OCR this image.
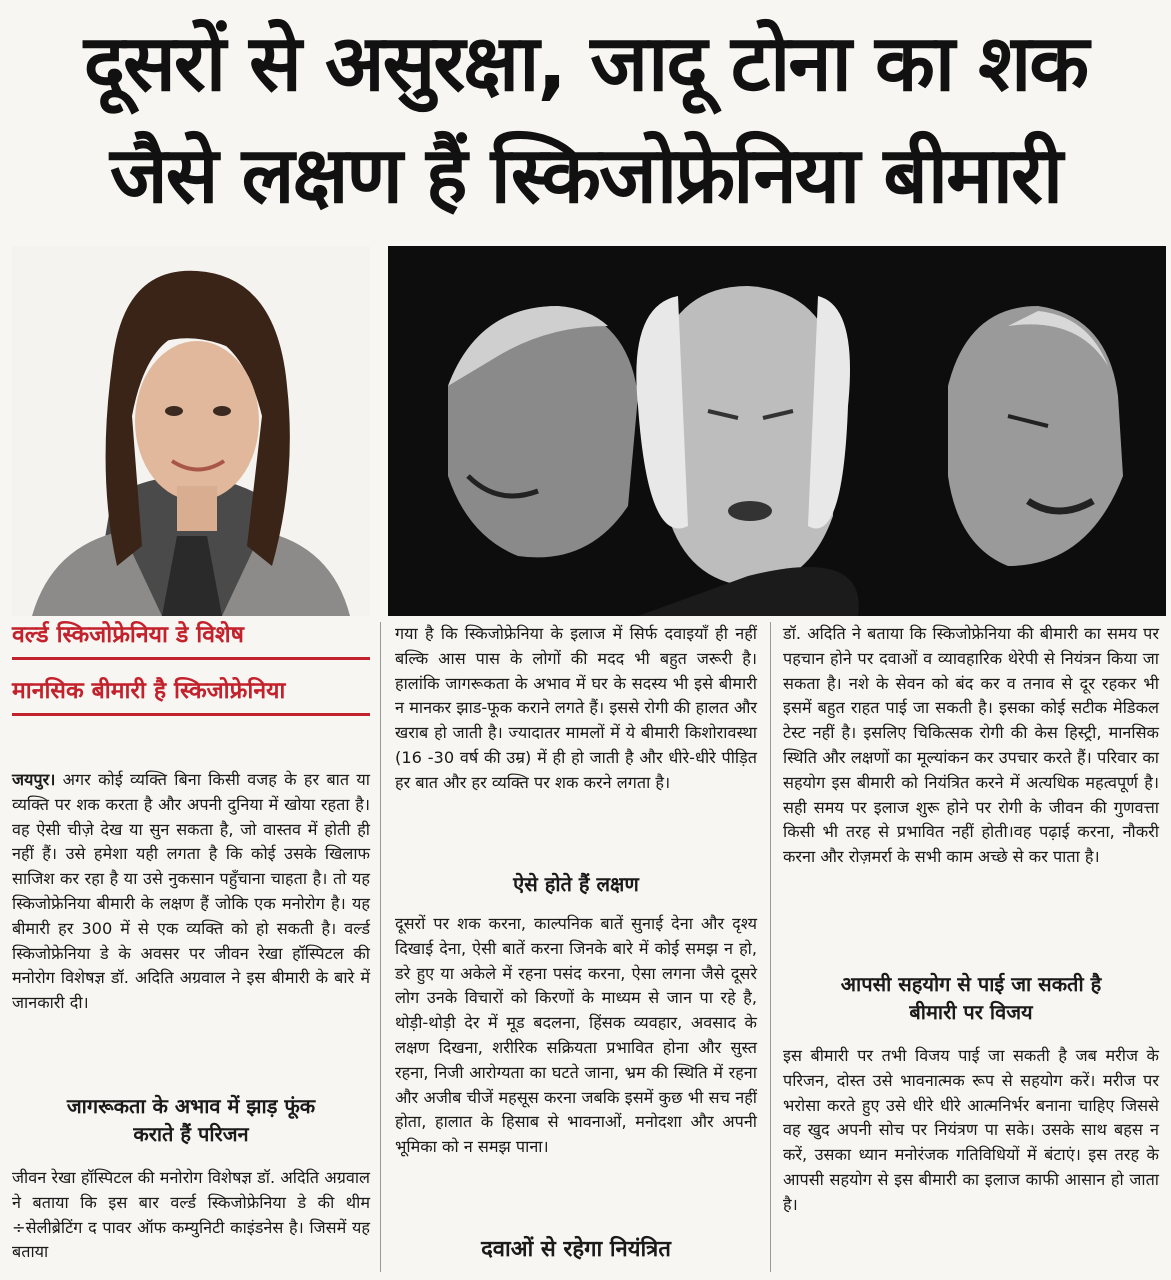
दूसरों से असुरक्षा, जादू टोना का शक
जैसे लक्षण हैं स्किजोफ्रेनिया बीमारी
वर्ल्ड स्किजोफ्रेनिया डे विशेष
मानसिक बीमारी है स्किजोफ्रेनिया

जयपुर। अगर कोई व्यक्ति बिना किसी वजह के हर बात या व्यक्ति पर शक करता है और अपनी दुनिया में खोया रहता है। वह ऐसी चीज़े देख या सुन सकता है, जो वास्तव में होती ही नहीं हैं। उसे हमेशा यही लगता है कि कोई उसके खिलाफ साजिश कर रहा है या उसे नुकसान पहुँचाना चाहता है। तो यह स्किजोफ्रेनिया बीमारी के लक्षण हैं जोकि एक मनोरोग है। यह बीमारी हर 300 में से एक व्यक्ति को हो सकती है। वर्ल्ड स्किजोफ्रेनिया डे के अवसर पर जीवन रेखा हॉस्पिटल की मनोरोग विशेषज्ञ डॉ. अदिति अग्रवाल ने इस बीमारी के बारे में जानकारी दी।

जागरूकता के अभाव में झाड़ फूंक
कराते हैं परिजन

जीवन रेखा हॉस्पिटल की मनोरोग विशेषज्ञ डॉ. अदिति अग्रवाल ने बताया कि इस बार वर्ल्ड स्किजोफ्रेनिया डे की थीम ÷सेलीब्रेटिंग द पावर ऑफ कम्युनिटी काइंडनेस है। जिसमें यह बताया

गया है कि स्किजोफ्रेनिया के इलाज में सिर्फ दवाइयाँ ही नहीं बल्कि आस पास के लोगों की मदद भी बहुत जरूरी है। हालांकि जागरूकता के अभाव में घर के सदस्य भी इसे बीमारी न मानकर झाड-फूक कराने लगते हैं। इससे रोगी की हालत और खराब हो जाती है। ज्यादातर मामलों में ये बीमारी किशोरावस्था (16 -30 वर्ष की उम्र) में ही हो जाती है और धीरे-धीरे पीड़ित हर बात और हर व्यक्ति पर शक करने लगता है।

ऐसे होते हैं लक्षण

दूसरों पर शक करना, काल्पनिक बातें सुनाई देना और दृश्य दिखाई देना, ऐसी बातें करना जिनके बारे में कोई समझ न हो, डरे हुए या अकेले में रहना पसंद करना, ऐसा लगना जैसे दूसरे लोग उनके विचारों को किरणों के माध्यम से जान पा रहे है, थोड़ी-थोड़ी देर में मूड बदलना, हिंसक व्यवहार, अवसाद के लक्षण दिखना, शरीरिक सक्रियता प्रभावित होना और सुस्त रहना, निजी आरोग्यता का घटते जाना, भ्रम की स्थिति में रहना और अजीब चीजें महसूस करना जबकि इसमें कुछ भी सच नहीं होता, हालात के हिसाब से भावनाओं, मनोदशा और अपनी भूमिका को न समझ पाना।

दवाओं से रहेगा नियंत्रित

डॉ. अदिति ने बताया कि स्किजोफ्रेनिया की बीमारी का समय पर पहचान होने पर दवाओं व व्यावहारिक थेरेपी से नियंत्रन किया जा सकता है। नशे के सेवन को बंद कर व तनाव से दूर रहकर भी इसमें बहुत राहत पाई जा सकती है। इसका कोई सटीक मेडिकल टेस्ट नहीं है। इसलिए चिकित्सक रोगी की केस हिस्ट्री, मानसिक स्थिति और लक्षणों का मूल्यांकन कर उपचार करते हैं। परिवार का सहयोग इस बीमारी को नियंत्रित करने में अत्यधिक महत्वपूर्ण है। सही समय पर इलाज शुरू होने पर रोगी के जीवन की गुणवत्ता किसी भी तरह से प्रभावित नहीं होती।वह पढ़ाई करना, नौकरी करना और रोज़मर्रा के सभी काम अच्छे से कर पाता है।

आपसी सहयोग से पाई जा सकती है
बीमारी पर विजय

इस बीमारी पर तभी विजय पाई जा सकती है जब मरीज के परिजन, दोस्त उसे भावनात्मक रूप से सहयोग करें। मरीज पर भरोसा करते हुए उसे धीरे धीरे आत्मनिर्भर बनाना चाहिए जिससे वह खुद अपनी सोच पर नियंत्रण पा सके। उसके साथ बहस न करें, उसका ध्यान मनोरंजक गतिविधियों में बंटाएं। इस तरह के आपसी सहयोग से इस बीमारी का इलाज काफी आसान हो जाता है।
